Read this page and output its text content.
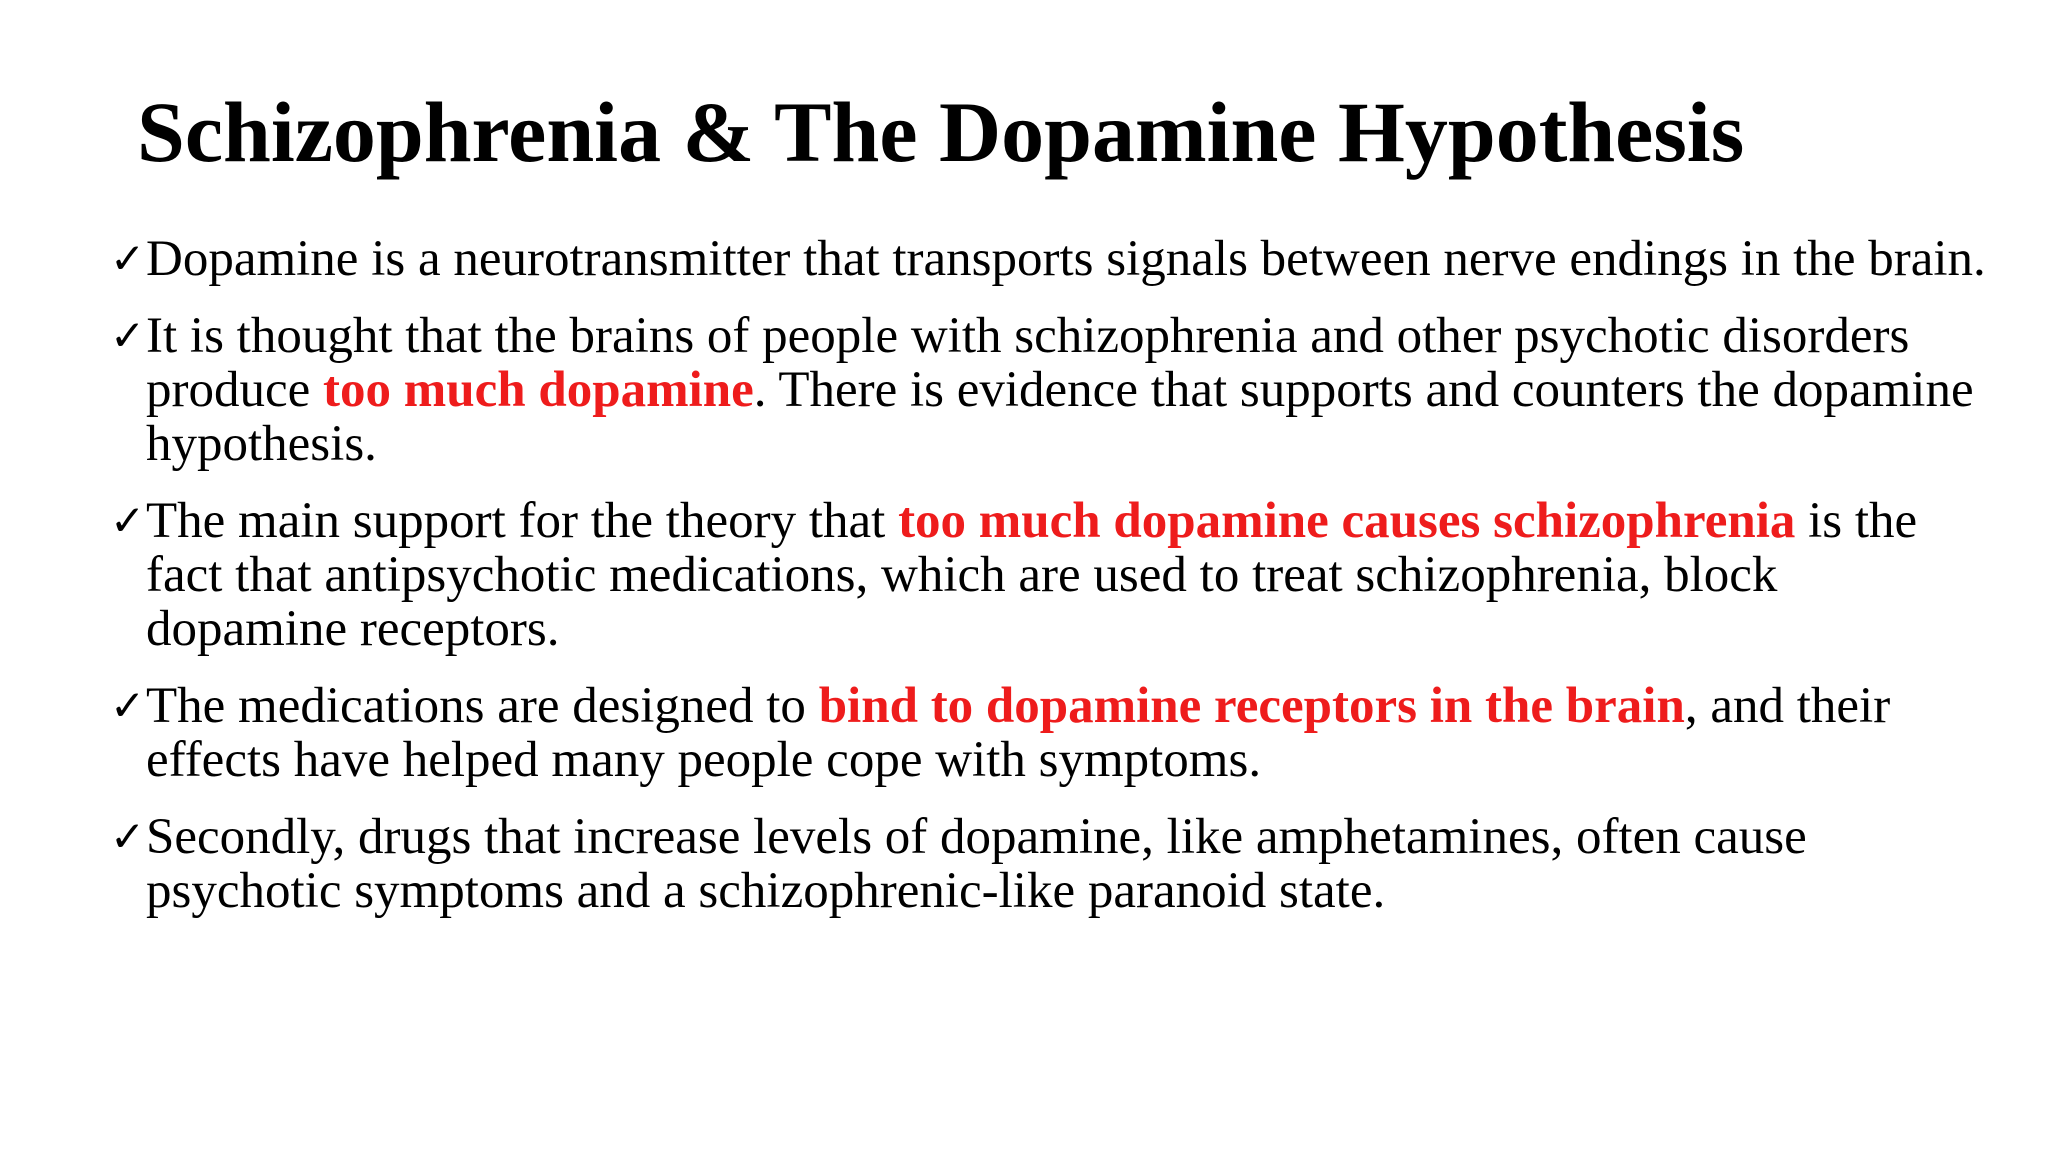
Schizophrenia & The Dopamine Hypothesis
✓ Dopamine is a neurotransmitter that transports signals between nerve endings in the brain.
✓ It is thought that the brains of people with schizophrenia and other psychotic disorders produce too much dopamine. There is evidence that supports and counters the dopamine hypothesis.
✓ The main support for the theory that too much dopamine causes schizophrenia is the fact that antipsychotic medications, which are used to treat schizophrenia, block dopamine receptors.
✓ The medications are designed to bind to dopamine receptors in the brain, and their effects have helped many people cope with symptoms.
✓ Secondly, drugs that increase levels of dopamine, like amphetamines, often cause psychotic symptoms and a schizophrenic-like paranoid state.
